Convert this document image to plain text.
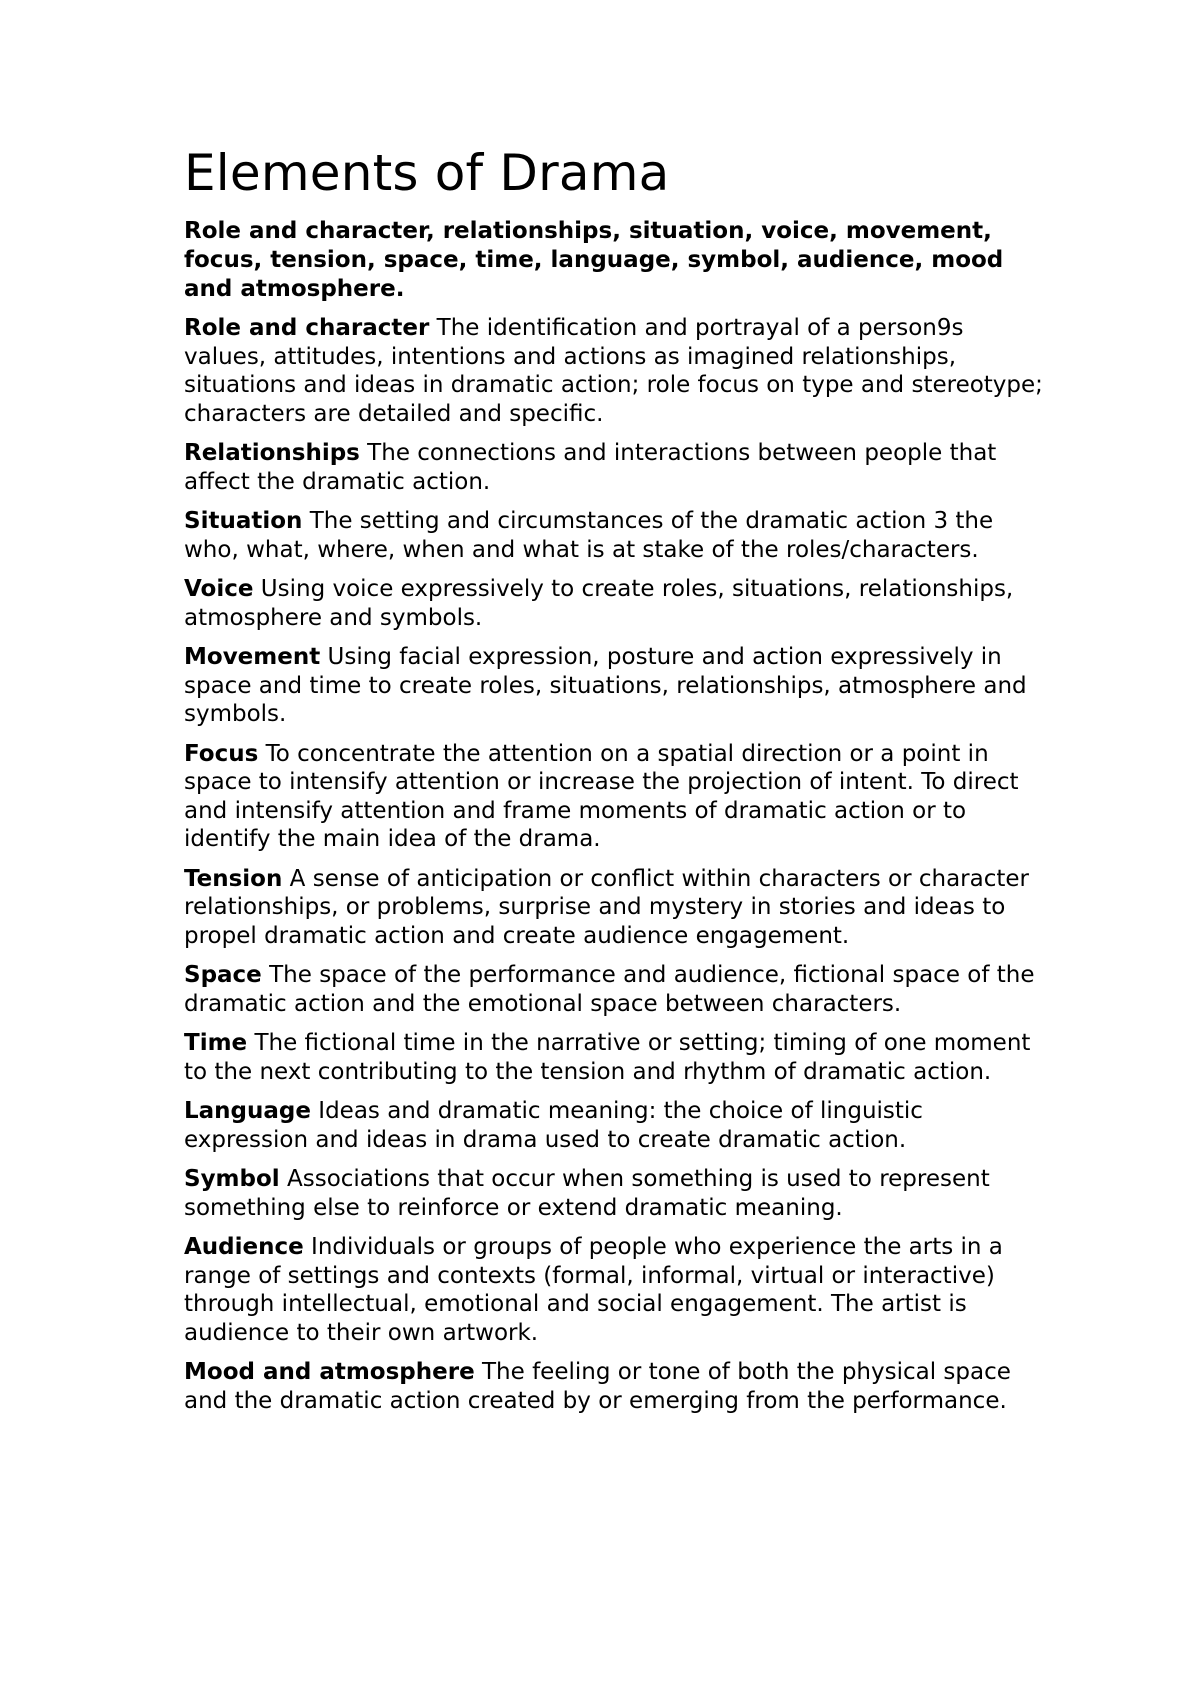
Elements of Drama

Role and character, relationships, situation, voice, movement, focus, tension, space, time, language, symbol, audience, mood and atmosphere.

Role and character The identification and portrayal of a person9s values, attitudes, intentions and actions as imagined relationships, situations and ideas in dramatic action; role focus on type and stereotype; characters are detailed and specific.

Relationships The connections and interactions between people that affect the dramatic action.

Situation The setting and circumstances of the dramatic action 3 the who, what, where, when and what is at stake of the roles/characters.

Voice Using voice expressively to create roles, situations, relationships, atmosphere and symbols.

Movement Using facial expression, posture and action expressively in space and time to create roles, situations, relationships, atmosphere and symbols.

Focus To concentrate the attention on a spatial direction or a point in space to intensify attention or increase the projection of intent. To direct and intensify attention and frame moments of dramatic action or to identify the main idea of the drama.

Tension A sense of anticipation or conflict within characters or character relationships, or problems, surprise and mystery in stories and ideas to propel dramatic action and create audience engagement.

Space The space of the performance and audience, fictional space of the dramatic action and the emotional space between characters.

Time The fictional time in the narrative or setting; timing of one moment to the next contributing to the tension and rhythm of dramatic action.

Language Ideas and dramatic meaning: the choice of linguistic expression and ideas in drama used to create dramatic action.

Symbol Associations that occur when something is used to represent something else to reinforce or extend dramatic meaning.

Audience Individuals or groups of people who experience the arts in a range of settings and contexts (formal, informal, virtual or interactive) through intellectual, emotional and social engagement. The artist is audience to their own artwork.

Mood and atmosphere The feeling or tone of both the physical space and the dramatic action created by or emerging from the performance.
